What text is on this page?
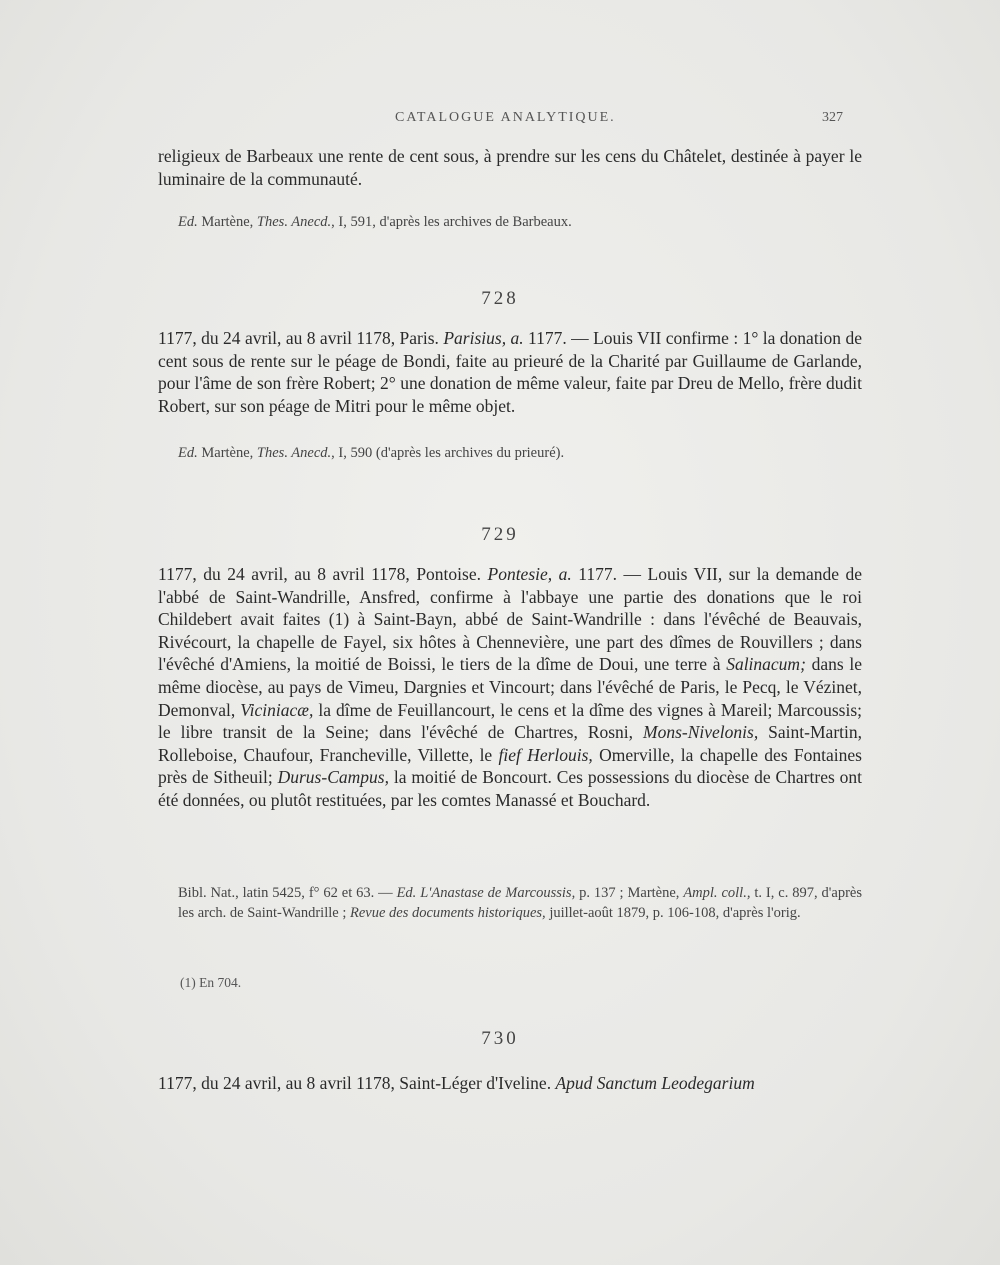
CATALOGUE ANALYTIQUE.	327
religieux de Barbeaux une rente de cent sous, à prendre sur les cens du Châtelet, destinée à payer le luminaire de la communauté.
Ed. Martène, Thes. Anecd., I, 591, d'après les archives de Barbeaux.
728
1177, du 24 avril, au 8 avril 1178, Paris. Parisius, a. 1177. — Louis VII confirme : 1° la donation de cent sous de rente sur le péage de Bondi, faite au prieuré de la Charité par Guillaume de Garlande, pour l'âme de son frère Robert; 2° une donation de même valeur, faite par Dreu de Mello, frère dudit Robert, sur son péage de Mitri pour le même objet.
Ed. Martène, Thes. Anecd., I, 590 (d'après les archives du prieuré).
729
1177, du 24 avril, au 8 avril 1178, Pontoise. Pontesie, a. 1177. — Louis VII, sur la demande de l'abbé de Saint-Wandrille, Ansfred, confirme à l'abbaye une partie des donations que le roi Childebert avait faites (1) à Saint-Bayn, abbé de Saint-Wandrille : dans l'évêché de Beauvais, Rivécourt, la chapelle de Fayel, six hôtes à Chennevière, une part des dîmes de Rouvillers ; dans l'évêché d'Amiens, la moitié de Boissi, le tiers de la dîme de Doui, une terre à Salinacum; dans le même diocèse, au pays de Vimeu, Dargnies et Vincourt; dans l'évêché de Paris, le Pecq, le Vézinet, Demonval, Viciniacæ, la dîme de Feuillancourt, le cens et la dîme des vignes à Mareil; Marcoussis; le libre transit de la Seine; dans l'évêché de Chartres, Rosni, Mons-Nivelonis, Saint-Martin, Rolleboise, Chaufour, Francheville, Villette, le fief Herlouis, Omerville, la chapelle des Fontaines près de Sitheuil; Durus-Campus, la moitié de Boncourt. Ces possessions du diocèse de Chartres ont été données, ou plutôt restituées, par les comtes Manassé et Bouchard.
Bibl. Nat., latin 5425, f° 62 et 63. — Ed. L'Anastase de Marcoussis, p. 137 ; Martène, Ampl. coll., t. I, c. 897, d'après les arch. de Saint-Wandrille ; Revue des documents historiques, juillet-août 1879, p. 106-108, d'après l'orig.
(1) En 704.
730
1177, du 24 avril, au 8 avril 1178, Saint-Léger d'Iveline. Apud Sanctum Leodegarium
